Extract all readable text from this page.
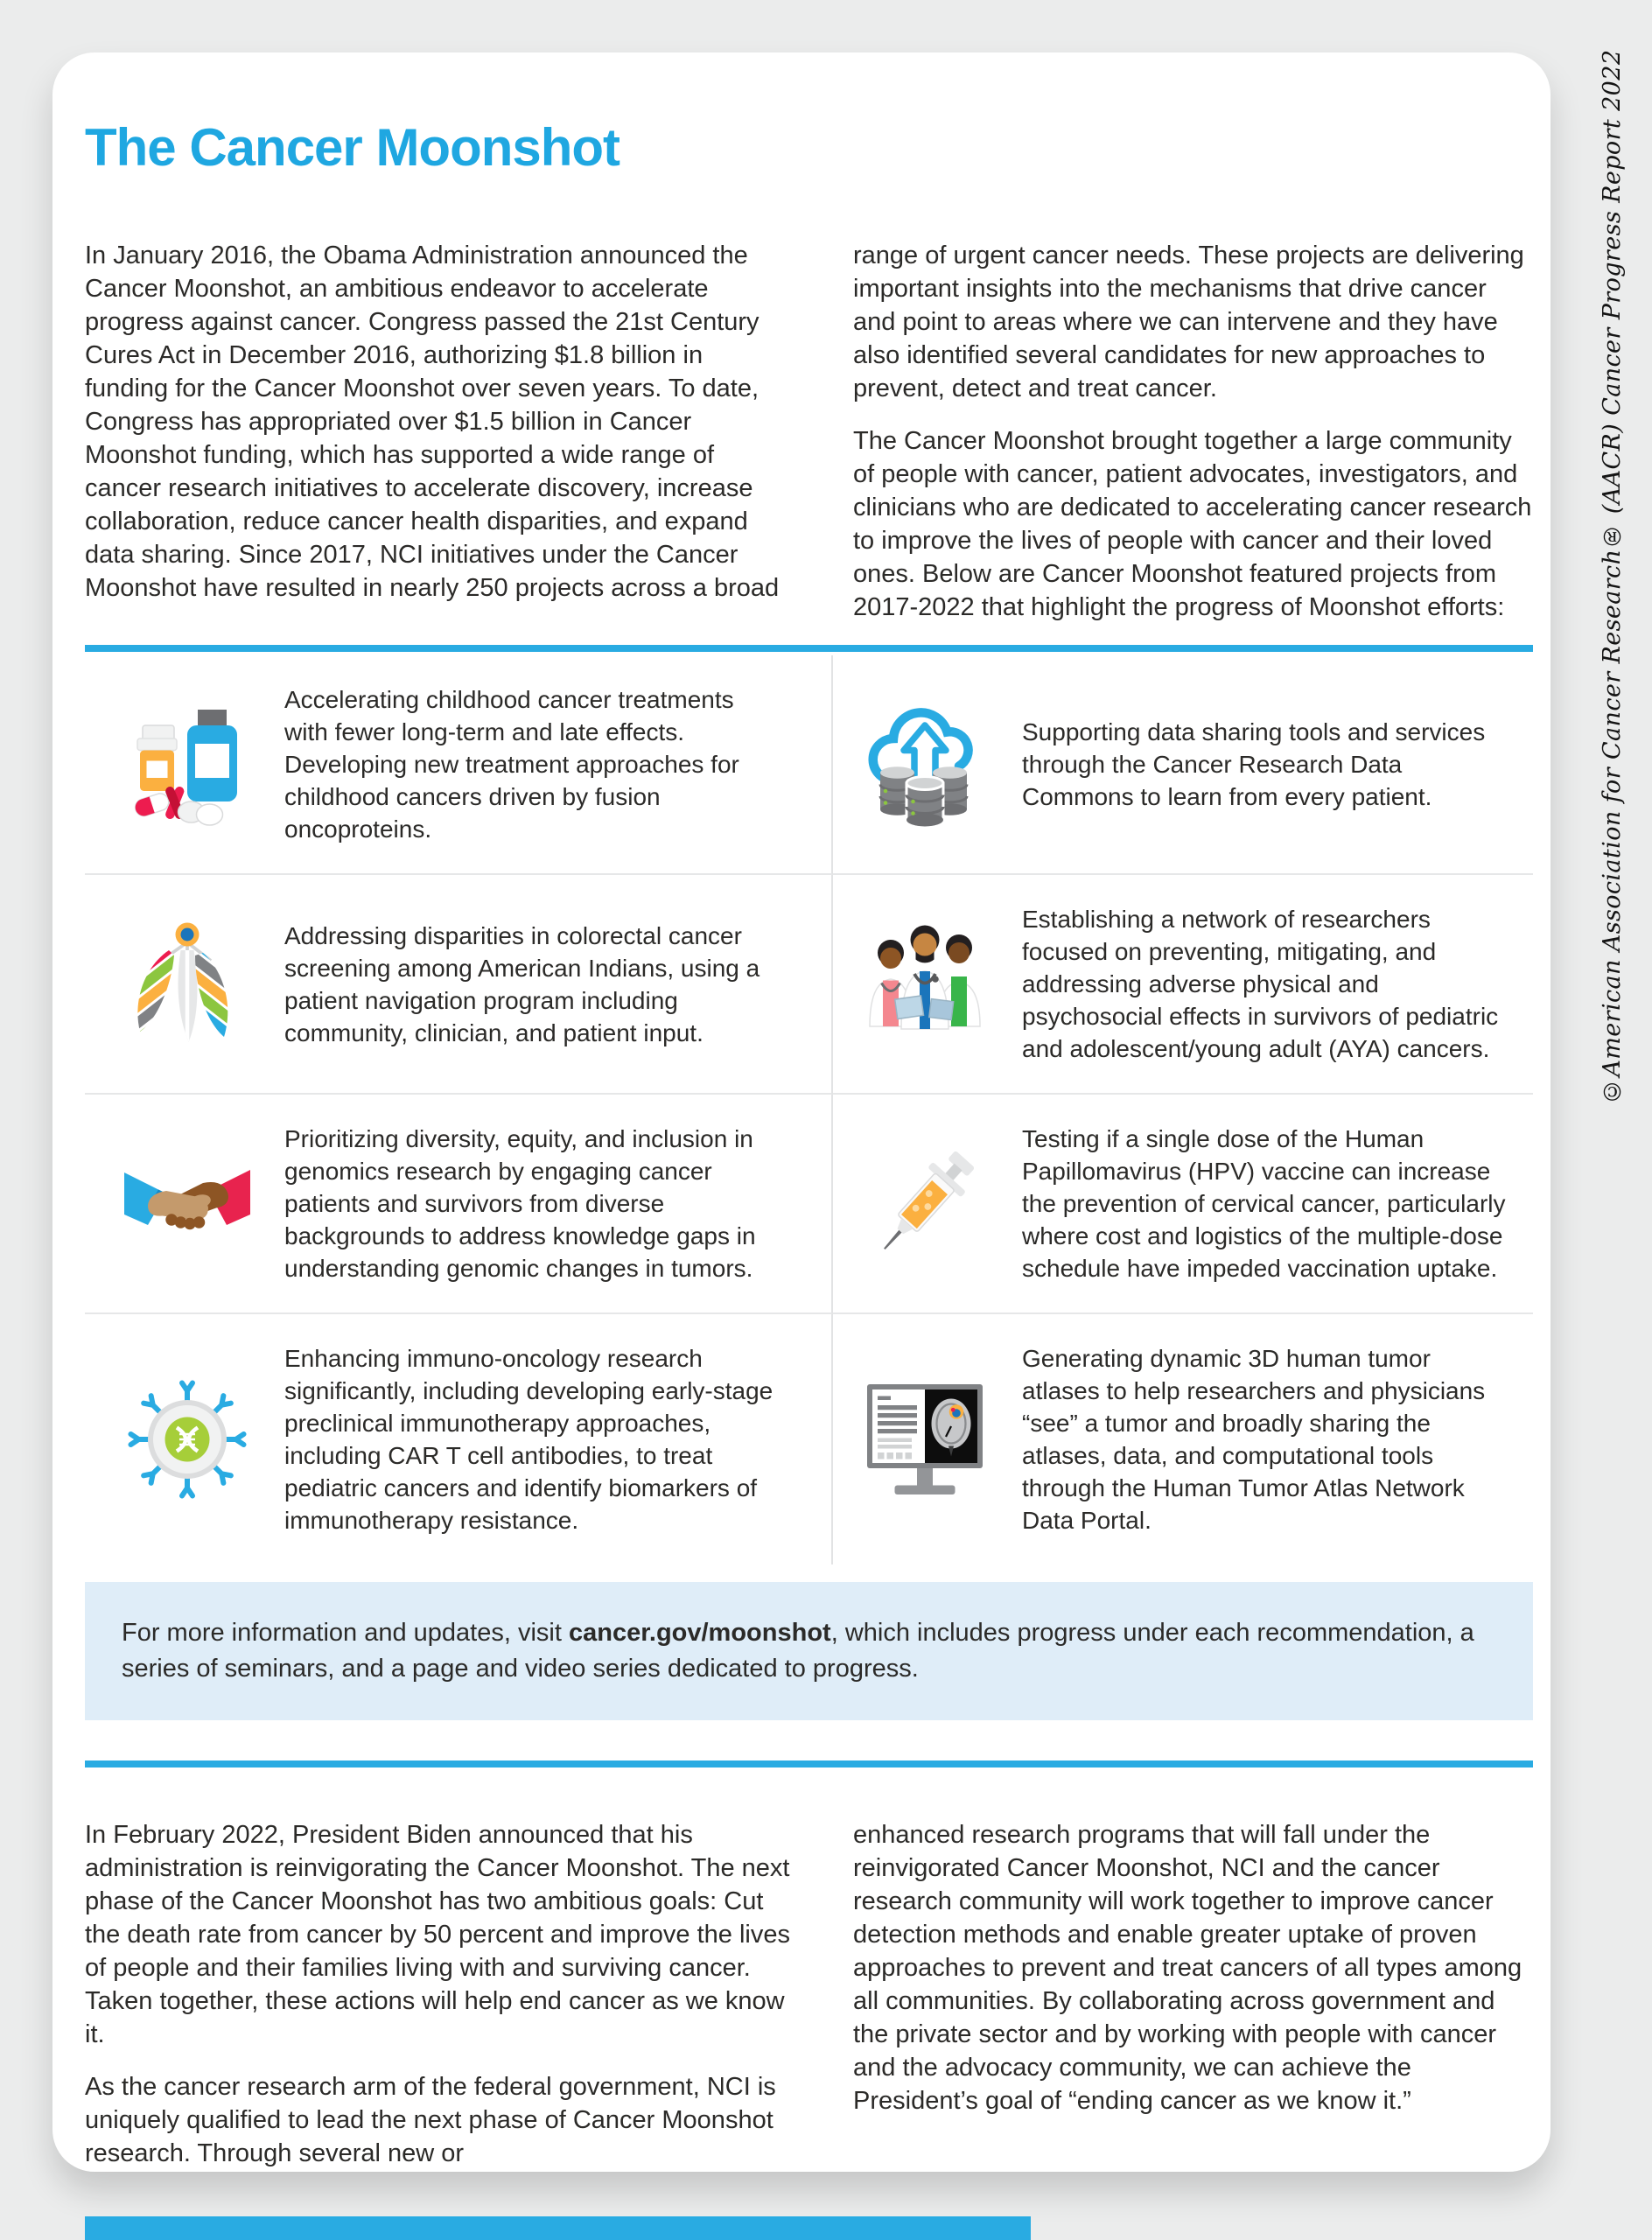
The Cancer Moonshot

In January 2016, the Obama Administration announced the Cancer Moonshot, an ambitious endeavor to accelerate progress against cancer. Congress passed the 21st Century Cures Act in December 2016, authorizing $1.8 billion in funding for the Cancer Moonshot over seven years. To date, Congress has appropriated over $1.5 billion in Cancer Moonshot funding, which has supported a wide range of cancer research initiatives to accelerate discovery, increase collaboration, reduce cancer health disparities, and expand data sharing. Since 2017, NCI initiatives under the Cancer Moonshot have resulted in nearly 250 projects across a broad

range of urgent cancer needs. These projects are delivering important insights into the mechanisms that drive cancer and point to areas where we can intervene and they have also identified several candidates for new approaches to prevent, detect and treat cancer.

The Cancer Moonshot brought together a large community of people with cancer, patient advocates, investigators, and clinicians who are dedicated to accelerating cancer research to improve the lives of people with cancer and their loved ones. Below are Cancer Moonshot featured projects from 2017-2022 that highlight the progress of Moonshot efforts:

Accelerating childhood cancer treatments with fewer long-term and late effects. Developing new treatment approaches for childhood cancers driven by fusion oncoproteins.

Supporting data sharing tools and services through the Cancer Research Data Commons to learn from every patient.

Addressing disparities in colorectal cancer screening among American Indians, using a patient navigation program including community, clinician, and patient input.

Establishing a network of researchers focused on preventing, mitigating, and addressing adverse physical and psychosocial effects in survivors of pediatric and adolescent/young adult (AYA) cancers.

Prioritizing diversity, equity, and inclusion in genomics research by engaging cancer patients and survivors from diverse backgrounds to address knowledge gaps in understanding genomic changes in tumors.

Testing if a single dose of the Human Papillomavirus (HPV) vaccine can increase the prevention of cervical cancer, particularly where cost and logistics of the multiple-dose schedule have impeded vaccination uptake.

Enhancing immuno-oncology research significantly, including developing early-stage preclinical immunotherapy approaches, including CAR T cell antibodies, to treat pediatric cancers and identify biomarkers of immunotherapy resistance.

Generating dynamic 3D human tumor atlases to help researchers and physicians “see” a tumor and broadly sharing the atlases, data, and computational tools through the Human Tumor Atlas Network Data Portal.

For more information and updates, visit cancer.gov/moonshot, which includes progress under each recommendation, a series of seminars, and a page and video series dedicated to progress.

In February 2022, President Biden announced that his administration is reinvigorating the Cancer Moonshot. The next phase of the Cancer Moonshot has two ambitious goals: Cut the death rate from cancer by 50 percent and improve the lives of people and their families living with and surviving cancer. Taken together, these actions will help end cancer as we know it.

As the cancer research arm of the federal government, NCI is uniquely qualified to lead the next phase of Cancer Moonshot research. Through several new or

enhanced research programs that will fall under the reinvigorated Cancer Moonshot, NCI and the cancer research community will work together to improve cancer detection methods and enable greater uptake of proven approaches to prevent and treat cancers of all types among all communities. By collaborating across government and the private sector and by working with people with cancer and the advocacy community, we can achieve the President’s goal of “ending cancer as we know it.”

©American Association for Cancer Research® (AACR) Cancer Progress Report 2022
